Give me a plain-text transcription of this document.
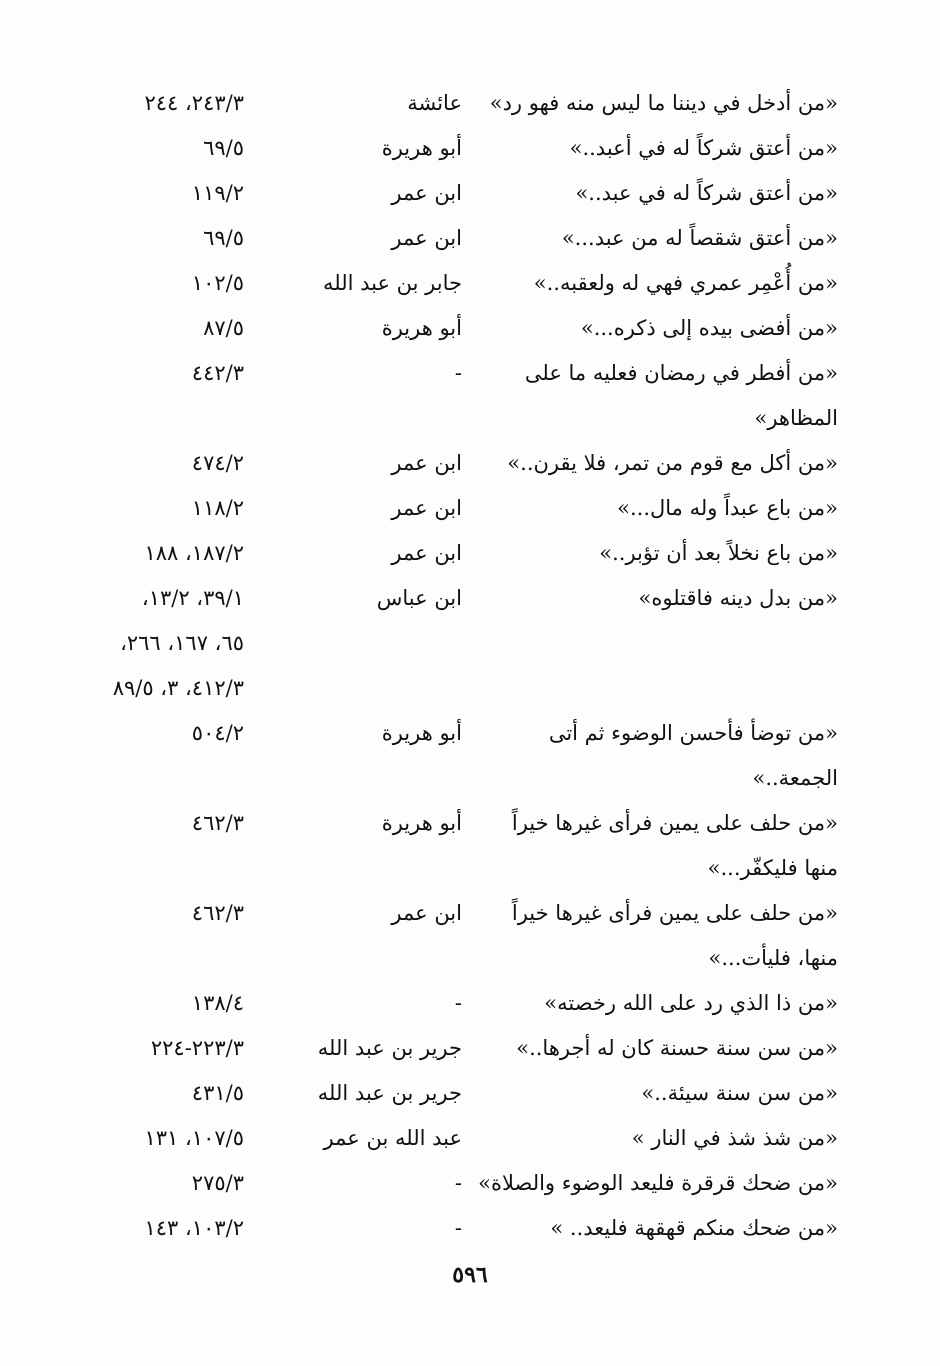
«من أدخل في ديننا ما ليس منه فهو رد»
عائشة
٢٤٣/٣، ٢٤٤
«من أعتق شركاً له في أعبد..»
أبو هريرة
٦٩/٥
«من أعتق شركاً له في عبد..»
ابن عمر
١١٩/٢
«من أعتق شقصاً له من عبد...»
ابن عمر
٦٩/٥
«من أُعْمِر عمري فهي له ولعقبه..»
جابر بن عبد الله
١٠٢/٥
«من أفضى بيده إلى ذكره...»
أبو هريرة
٨٧/٥
«من أفطر في رمضان فعليه ما على
-
٤٤٢/٣
المظاهر»
«من أكل مع قوم من تمر، فلا يقرن..»
ابن عمر
٤٧٤/٢
«من باع عبداً وله مال...»
ابن عمر
١١٨/٢
«من باع نخلاً بعد أن تؤبر..»
ابن عمر
١٨٧/٢، ١٨٨
«من بدل دينه فاقتلوه»
ابن عباس
٣٩/١، ١٣/٢،
٦٥، ١٦٧، ٢٦٦،
٤١٢/٣، ٣، ٨٩/٥
«من توضأ فأحسن الوضوء ثم أتى
أبو هريرة
٥٠٤/٢
الجمعة..»
«من حلف على يمين فرأى غيرها خيراً
أبو هريرة
٤٦٢/٣
منها فليكفّر...»
«من حلف على يمين فرأى غيرها خيراً
ابن عمر
٤٦٢/٣
منها، فليأت...»
«من ذا الذي رد على الله رخصته»
-
١٣٨/٤
«من سن سنة حسنة كان له أجرها..»
جرير بن عبد الله
٢٢٣/٣-٢٢٤
«من سن سنة سيئة..»
جرير بن عبد الله
٤٣١/٥
«من شذ شذ في النار »
عبد الله بن عمر
١٠٧/٥، ١٣١
«من ضحك قرقرة فليعد الوضوء والصلاة»
-
٢٧٥/٣
«من ضحك منكم قهقهة فليعد.. »
-
١٠٣/٢، ١٤٣
٥٩٦
